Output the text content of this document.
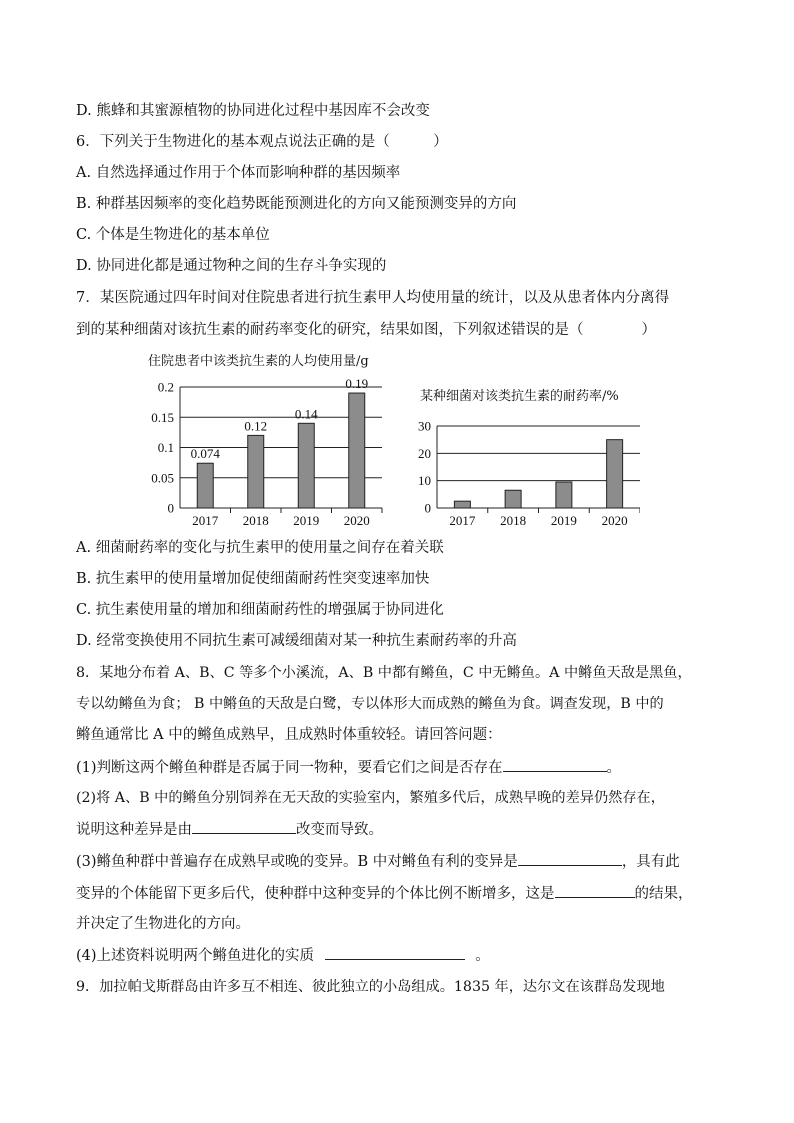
D. 熊蜂和其蜜源植物的协同进化过程中基因库不会改变
6．下列关于生物进化的基本观点说法正确的是（　　　）
A. 自然选择通过作用于个体而影响种群的基因频率
B. 种群基因频率的变化趋势既能预测进化的方向又能预测变异的方向
C. 个体是生物进化的基本单位
D. 协同进化都是通过物种之间的生存斗争实现的
7．某医院通过四年时间对住院患者进行抗生素甲人均使用量的统计，以及从患者体内分离得
到的某种细菌对该抗生素的耐药率变化的研究，结果如图，下列叙述错误的是（　　　　）
住院患者中该类抗生素的人均使用量/g
0
0.05
0.1
0.15
0.2
0.074
2017
0.12
2018
0.14
2019
0.19
2020
某种细菌对该类抗生素的耐药率/%
0
10
20
30
2017 2018 2019 2020
A. 细菌耐药率的变化与抗生素甲的使用量之间存在着关联
B. 抗生素甲的使用量增加促使细菌耐药性突变速率加快
C. 抗生素使用量的增加和细菌耐药性的增强属于协同进化
D. 经常变换使用不同抗生素可减缓细菌对某一种抗生素耐药率的升高
8．某地分布着 A、B、C 等多个小溪流，A、B 中都有鳉鱼，C 中无鳉鱼。A 中鳉鱼天敌是黑鱼，
专以幼鳉鱼为食； B 中鳉鱼的天敌是白鹭，专以体形大而成熟的鳉鱼为食。调查发现，B 中的
鳉鱼通常比 A 中的鳉鱼成熟早，且成熟时体重较轻。请回答问题：
(1)判断这两个鳉鱼种群是否属于同一物种，要看它们之间是否存在	。
(2)将 A、B 中的鳉鱼分别饲养在无天敌的实验室内，繁殖多代后，成熟早晚的差异仍然存在，
说明这种差异是由	改变而导致。
(3)鳉鱼种群中普遍存在成熟早或晚的变异。B 中对鳉鱼有利的变异是	，具有此
变异的个体能留下更多后代，使种群中这种变异的个体比例不断增多，这是	的结果，
并决定了生物进化的方向。
(4)上述资料说明两个鳉鱼进化的实质	。
9．加拉帕戈斯群岛由许多互不相连、彼此独立的小岛组成。1835 年，达尔文在该群岛发现地
